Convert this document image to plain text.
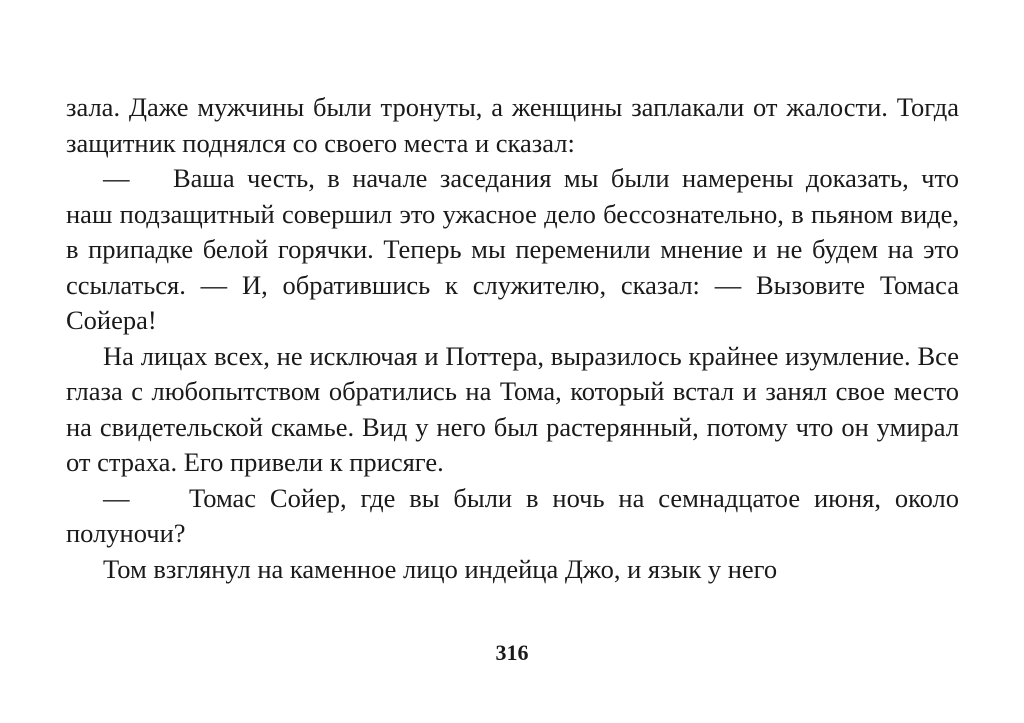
зала. Даже мужчины были тронуты, а женщины заплакали от жалости. Тогда защитник поднялся со своего места и сказал:

— Ваша честь, в начале заседания мы были намерены доказать, что наш подзащитный совершил это ужасное дело бессознательно, в пьяном виде, в припадке белой горячки. Теперь мы переменили мнение и не будем на это ссылаться. — И, обратившись к служителю, сказал: — Вызовите Томаса Сойера!

На лицах всех, не исключая и Поттера, выразилось крайнее изумление. Все глаза с любопытством обратились на Тома, который встал и занял свое место на свидетельской скамье. Вид у него был растерянный, потому что он умирал от страха. Его привели к присяге.

— Томас Сойер, где вы были в ночь на семнадцатое июня, около полуночи?

Том взглянул на каменное лицо индейца Джо, и язык у него

316
